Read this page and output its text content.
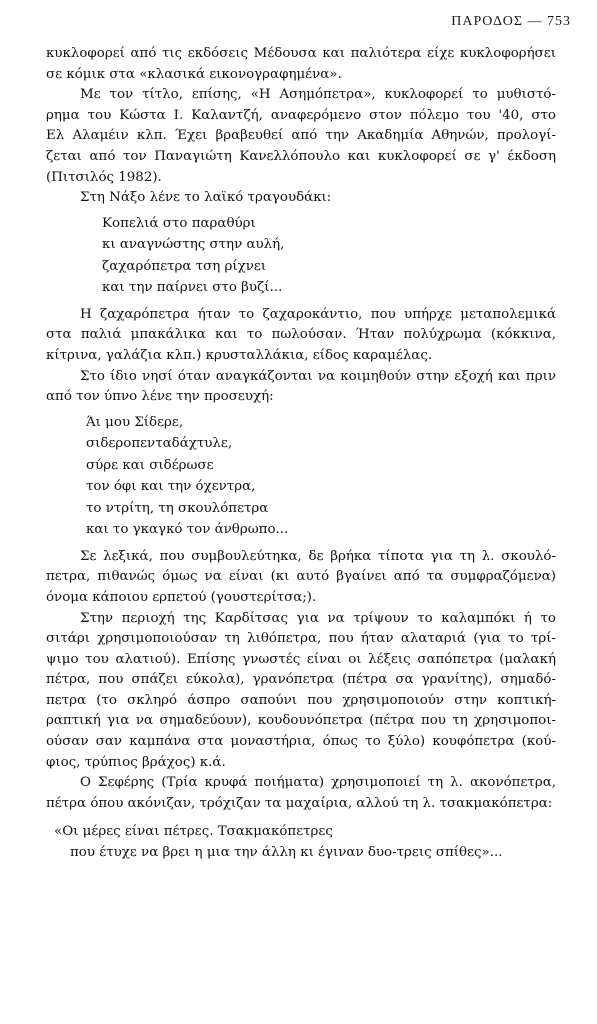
ΠΑΡΟΔΟΣ — 753

κυκλοφορεί από τις εκδόσεις Μέδουσα και παλιότερα είχε κυκλοφορήσει
σε κόμικ στα «κλασικά εικονογραφημένα».

Με τον τίτλο, επίσης, «Η Ασημόπετρα», κυκλοφορεί το μυθιστό-
ρημα του Κώστα Ι. Καλαντζή, αναφερόμενο στον πόλεμο του '40, στο
Ελ Αλαμέιν κλπ. Έχει βραβευθεί από την Ακαδημία Αθηνών, προλογί-
ζεται από τον Παναγιώτη Κανελλόπουλο και κυκλοφορεί σε γ' έκδοση
(Πιτσιλός 1982).

Στη Νάξο λένε το λαϊκό τραγουδάκι:

Κοπελιά στο παραθύρι
κι αναγνώστης στην αυλή,
ζαχαρόπετρα τση ρίχνει
και την παίρνει στο βυζί...

Η ζαχαρόπετρα ήταν το ζαχαροκάντιο, που υπήρχε μεταπολεμικά
στα παλιά μπακάλικα και το πωλούσαν. Ήταν πολύχρωμα (κόκκινα,
κίτρινα, γαλάζια κλπ.) κρυσταλλάκια, είδος καραμέλας.

Στο ίδιο νησί όταν αναγκάζονται να κοιμηθούν στην εξοχή και πριν
από τον ύπνο λένε την προσευχή:

Άι μου Σίδερε,
σιδεροπενταδάχτυλε,
σύρε και σιδέρωσε
τον όφι και την όχεντρα,
το ντρίτη, τη σκουλόπετρα
και το γκαγκό τον άνθρωπο...

Σε λεξικά, που συμβουλεύτηκα, δε βρήκα τίποτα για τη λ. σκουλό-
πετρα, πιθανώς όμως να είναι (κι αυτό βγαίνει από τα συμφραζόμενα)
όνομα κάποιου ερπετού (γουστερίτσα;).

Στην περιοχή της Καρδίτσας για να τρίψουν το καλαμπόκι ή το
σιτάρι χρησιμοποιούσαν τη λιθόπετρα, που ήταν αλαταριά (για το τρί-
ψιμο του αλατιού). Επίσης γνωστές είναι οι λέξεις σαπόπετρα (μαλακή
πέτρα, που σπάζει εύκολα), γρανόπετρα (πέτρα σα γρανίτης), σημαδό-
πετρα (το σκληρό άσπρο σαπούνι που χρησιμοποιούν στην κοπτική-
ραπτική για να σημαδεύουν), κουδουνόπετρα (πέτρα που τη χρησιμοποι-
ούσαν σαν καμπάνα στα μοναστήρια, όπως το ξύλο) κουφόπετρα (κού-
φιος, τρύπιος βράχος) κ.ά.

Ο Σεφέρης (Τρία κρυφά ποιήματα) χρησιμοποιεί τη λ. ακονόπετρα,
πέτρα όπου ακόνιζαν, τρόχιζαν τα μαχαίρια, αλλού τη λ. τσακμακόπετρα:

«Οι μέρες είναι πέτρες. Τσακμακόπετρες
που έτυχε να βρει η μια την άλλη κι έγιναν δυο-τρεις σπίθες»...
